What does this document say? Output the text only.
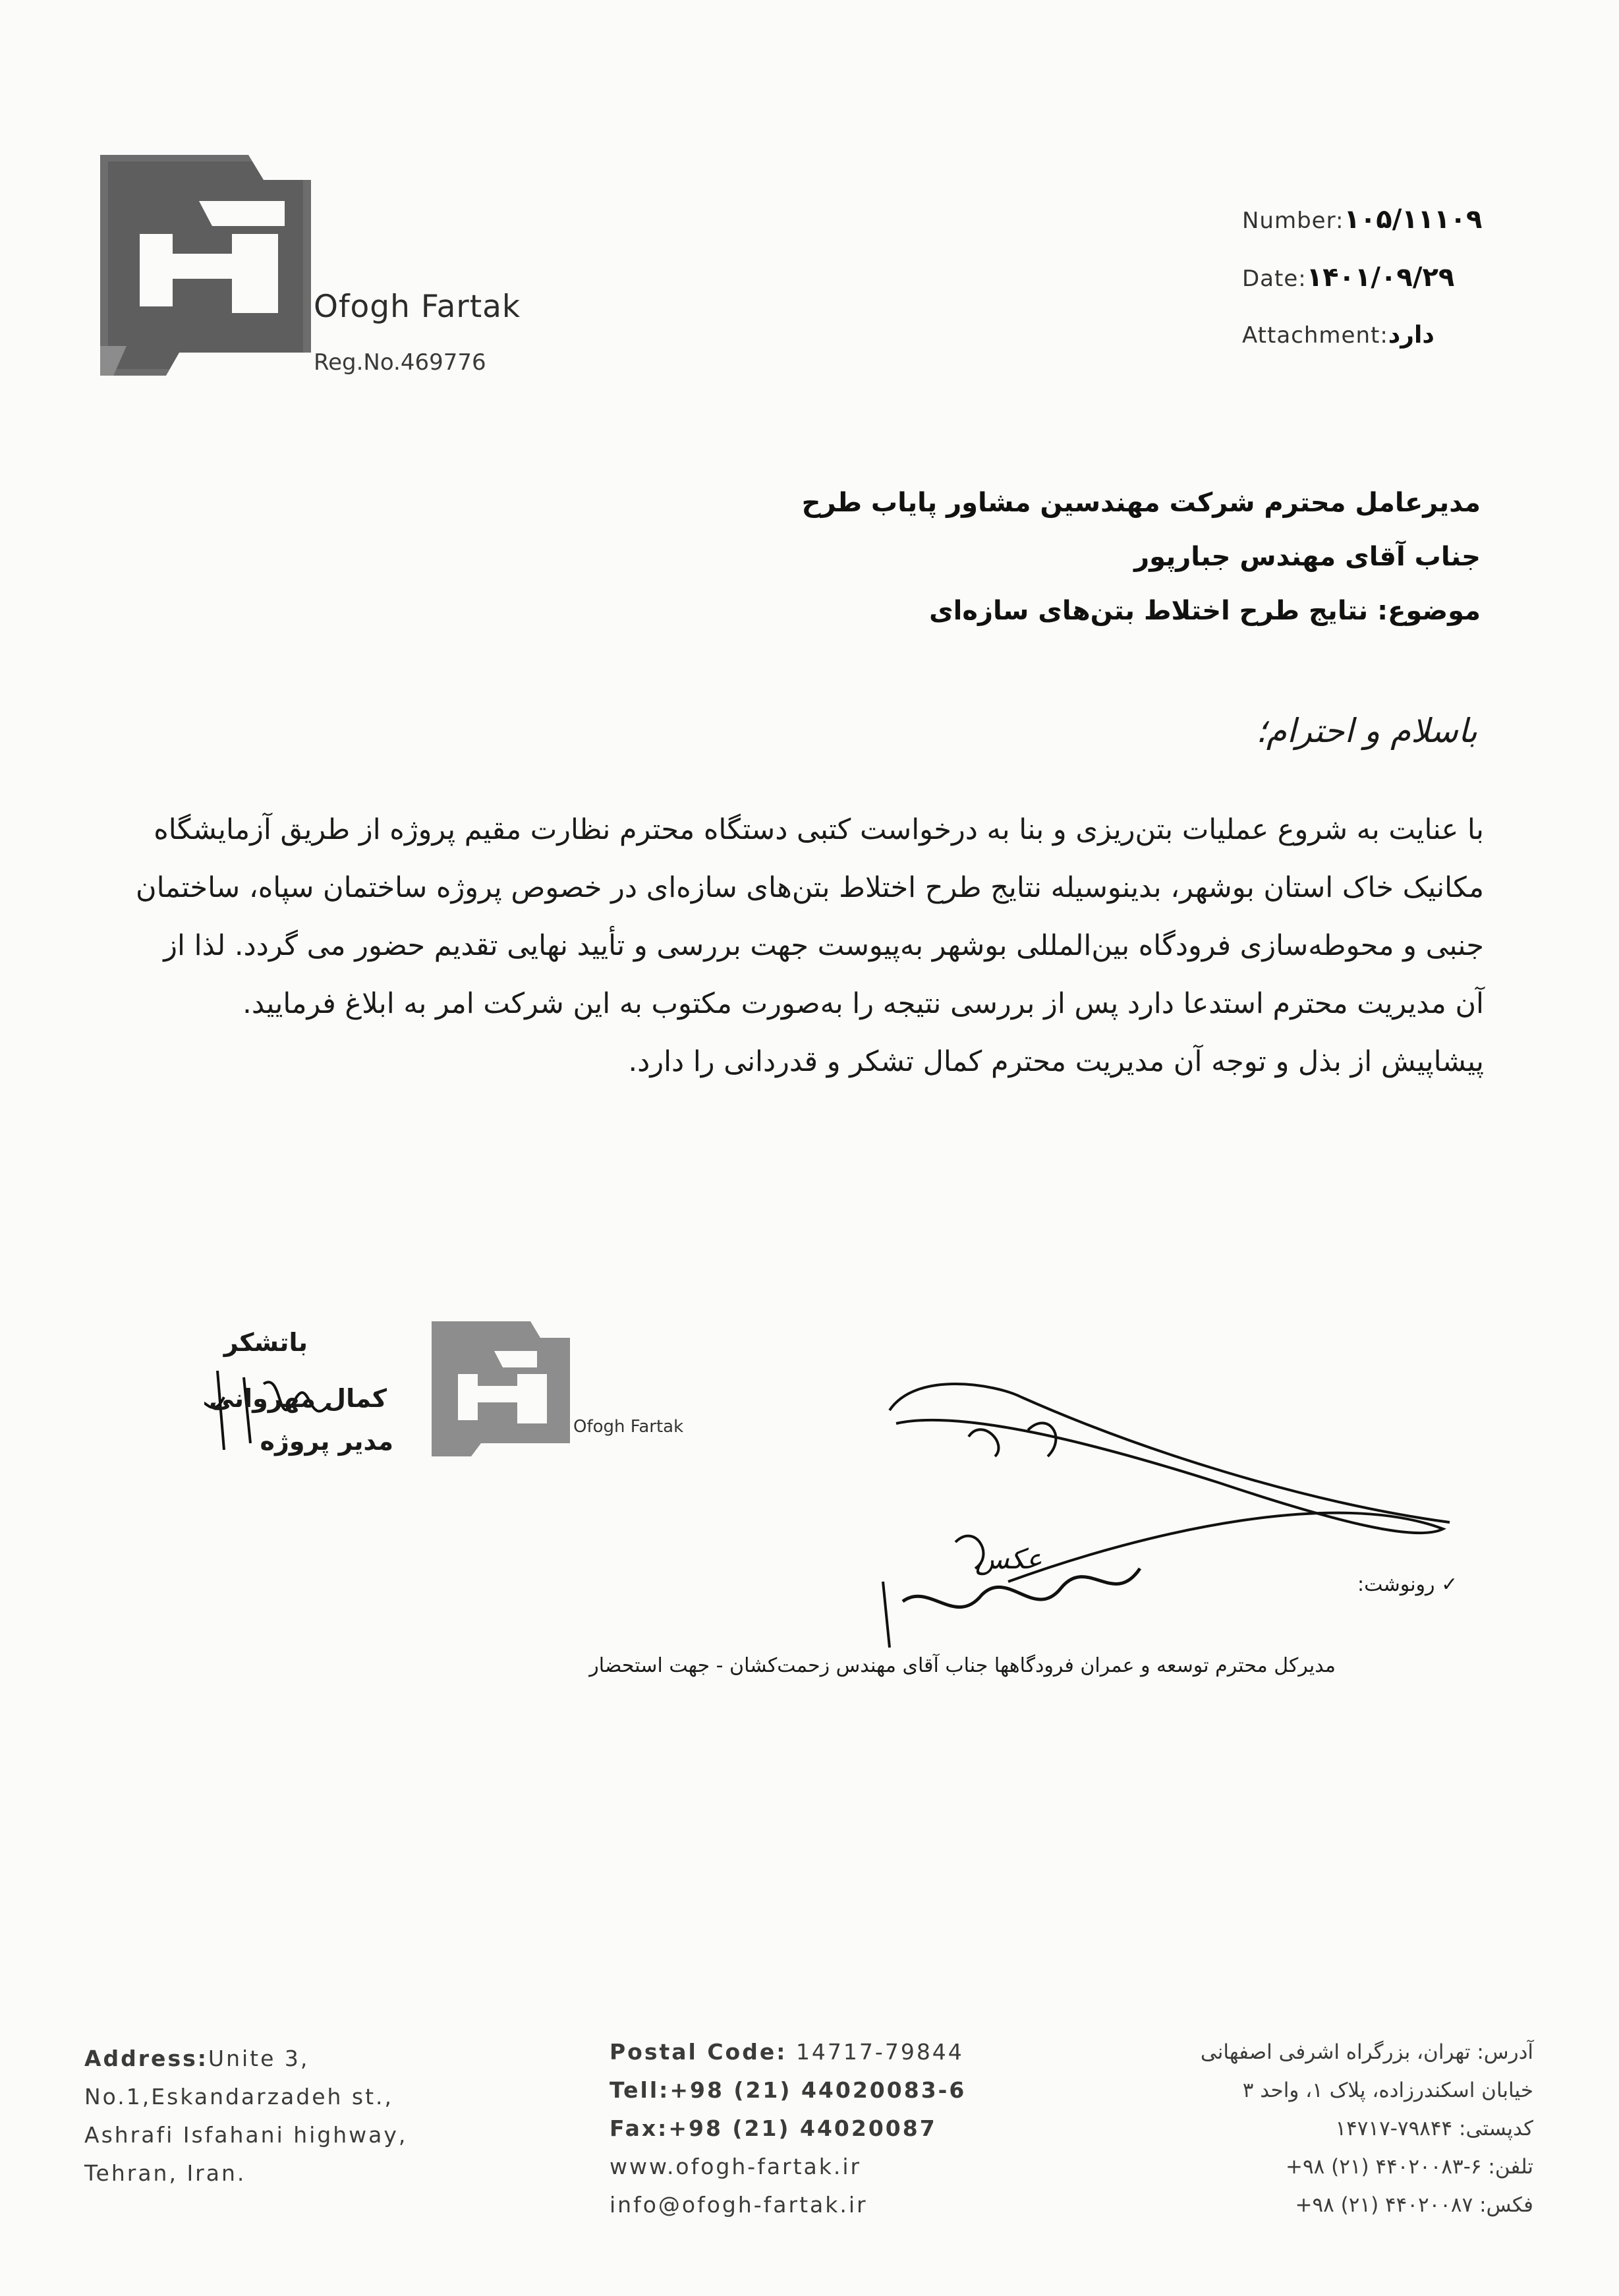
Ofogh Fartak
Reg.No.469776
Number:۱۰۵/۱۱۱۰۹
Date:۱۴۰۱/۰۹/۲۹
Attachment:دارد
مدیرعامل محترم شرکت مهندسین مشاور پایاب طرح
جناب آقای مهندس جبارپور
موضوع: نتایج طرح اختلاط بتن‌های سازه‌ای
باسلام و احترام؛

با عنایت به شروع عملیات بتن‌ریزی و بنا به درخواست کتبی دستگاه محترم نظارت مقیم پروژه از طریق آزمایشگاه مکانیک خاک استان بوشهر، بدینوسیله نتایج طرح اختلاط بتن‌های سازه‌ای در خصوص پروژه ساختمان سپاه، ساختمان جنبی و محوطه‌سازی فرودگاه بین‌المللی بوشهر به‌پیوست جهت بررسی و تأیید نهایی تقدیم حضور می گردد. لذا از آن مدیریت محترم استدعا دارد پس از بررسی نتیجه را به‌صورت مکتوب به این شرکت امر به ابلاغ فرمایید.

پیشاپیش از بذل و توجه آن مدیریت محترم کمال تشکر و قدردانی را دارد.

باتشکر
کمال مهروانی
مدیر پروژه	Ofogh Fartak
عکس
✓ رونوشت:
مدیرکل محترم توسعه و عمران فرودگاهها جناب آقای مهندس زحمت‌کشان - جهت استحضار
Address:Unite 3,
No.1,Eskandarzadeh st.,
Ashrafi Isfahani highway,
Tehran, Iran.
Postal Code: 14717-79844
Tell:+98 (21) 44020083-6
Fax:+98 (21) 44020087
www.ofogh-fartak.ir
info@ofogh-fartak.ir
آدرس: تهران، بزرگراه اشرفی اصفهانی
خیابان اسکندرزاده، پلاک ۱، واحد ۳
کدپستی: ۷۹۸۴۴-۱۴۷۱۷
تلفن: ۶-۴۴۰۲۰۰۸۳ (۲۱) ۹۸+
فکس: ۴۴۰۲۰۰۸۷ (۲۱) ۹۸+
